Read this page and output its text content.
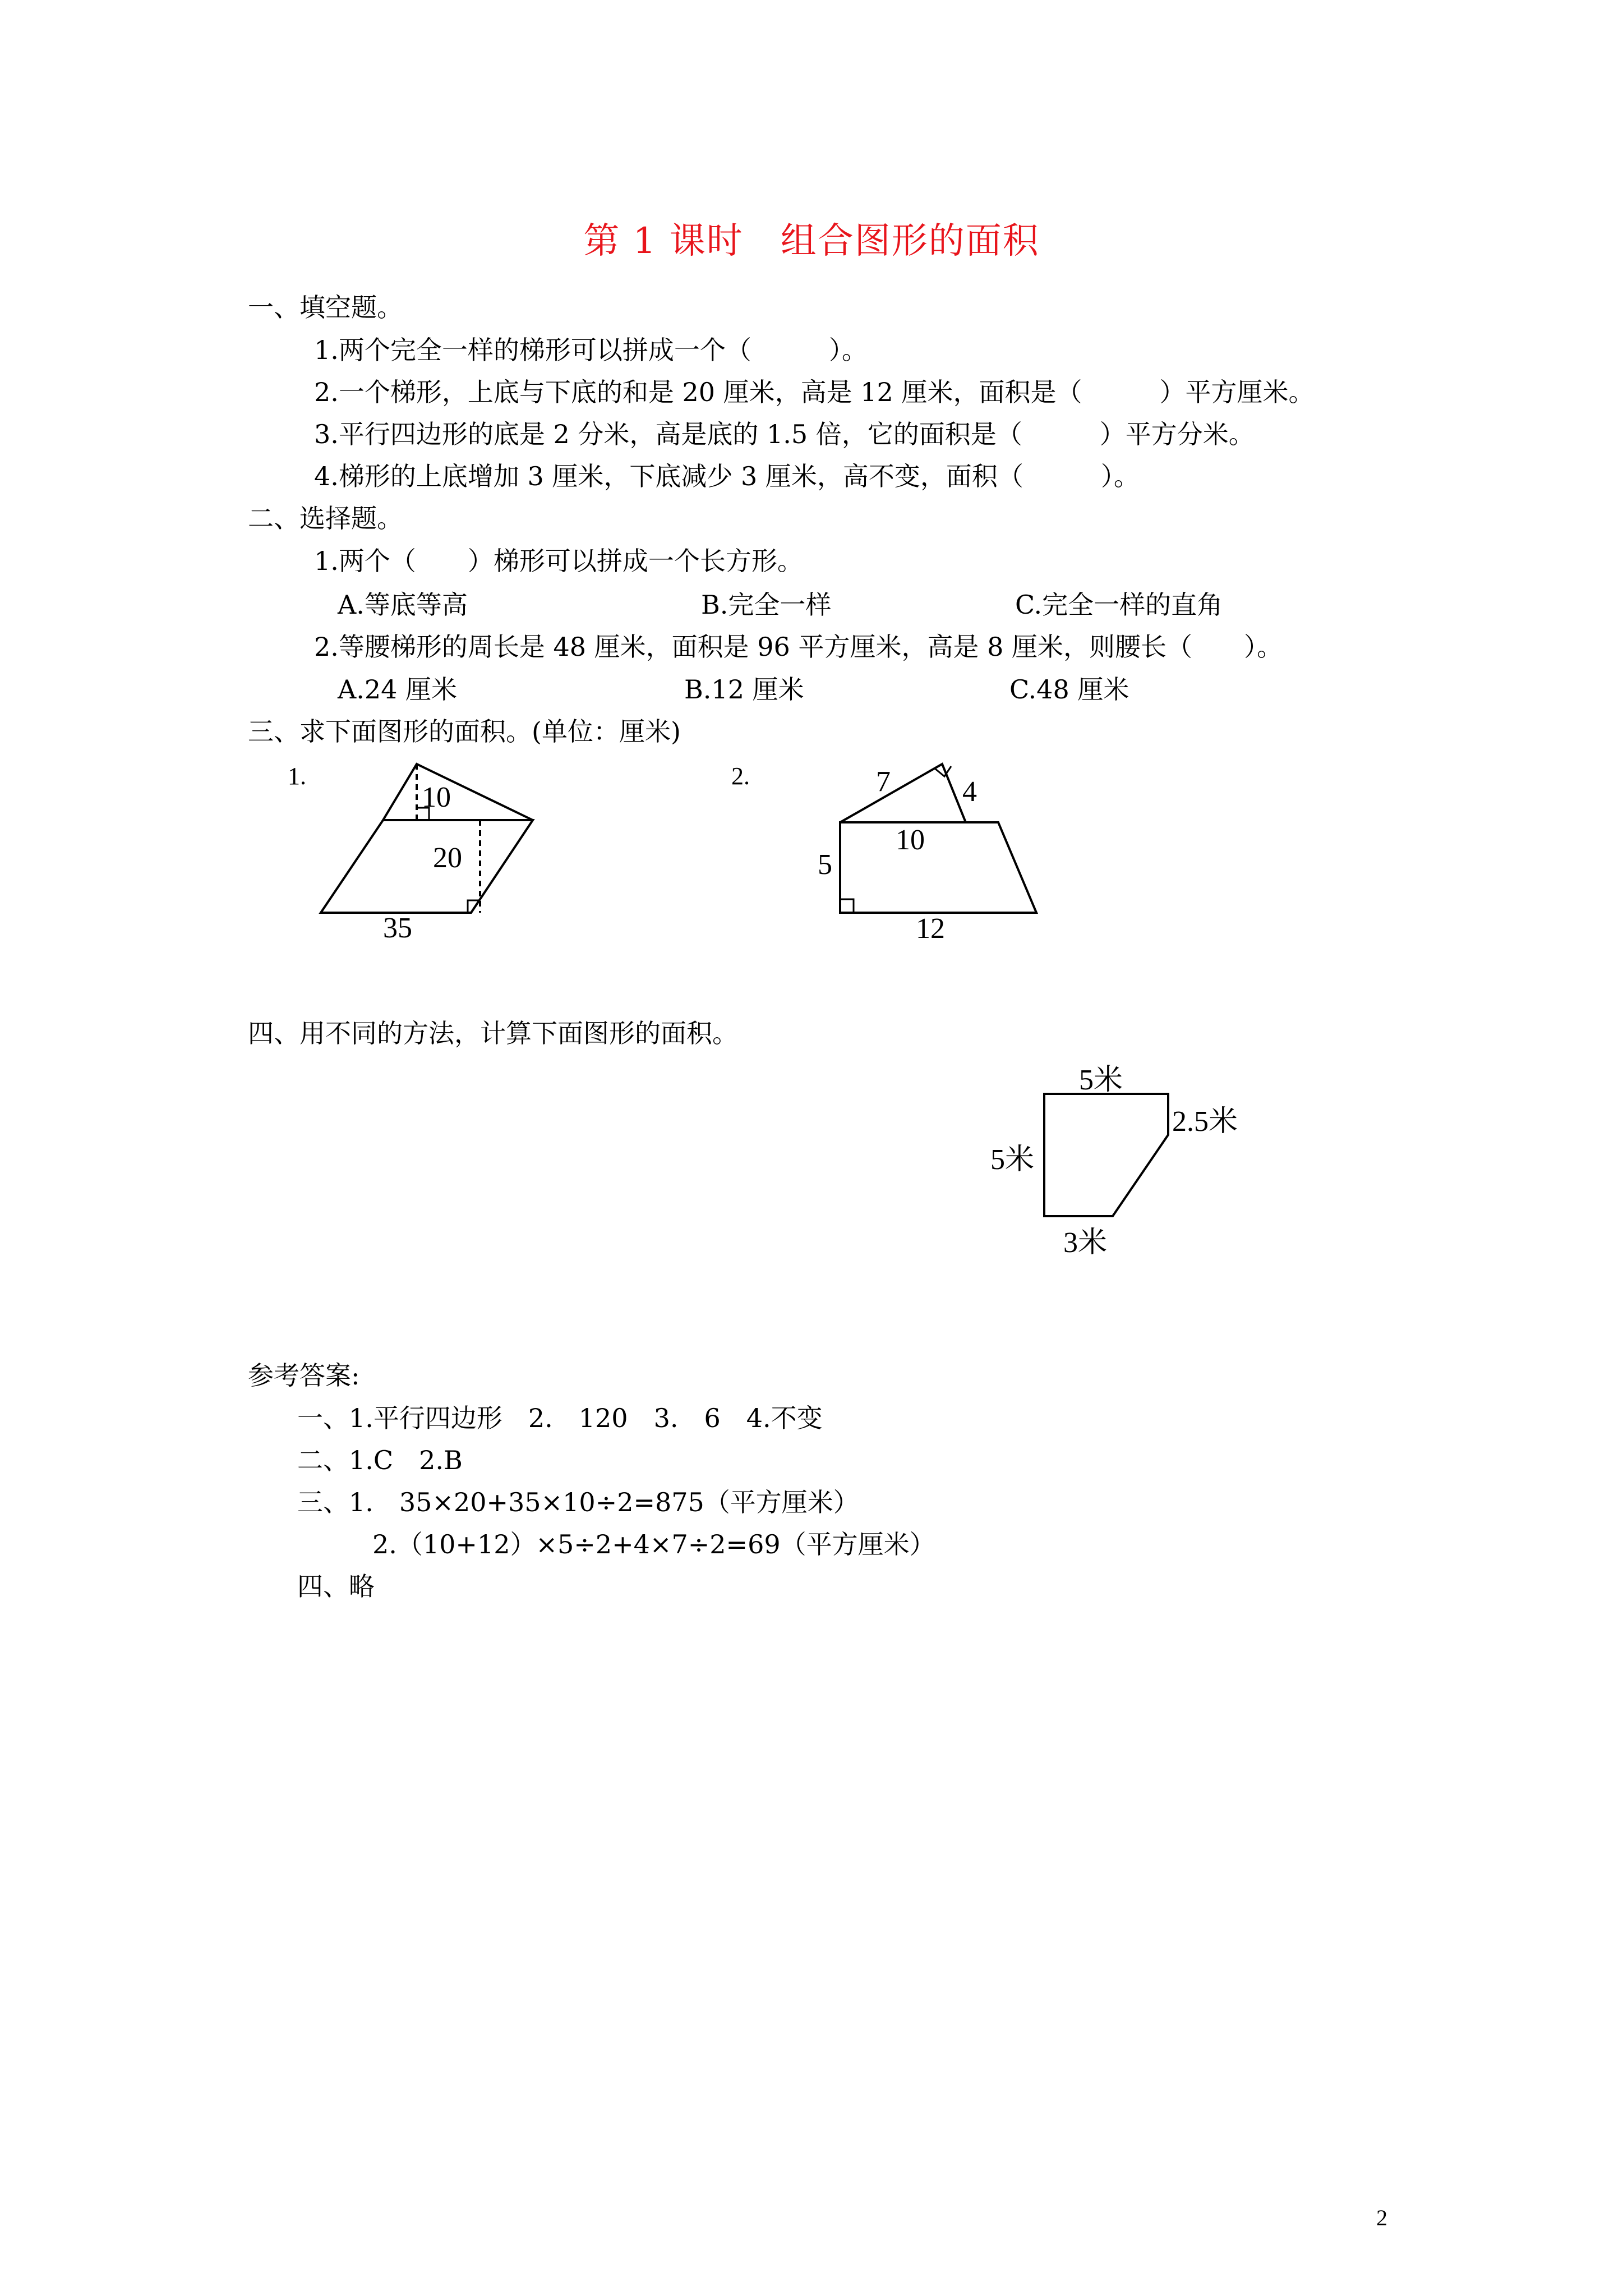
第 1 课时　组合图形的面积
一、填空题。
1.两个完全一样的梯形可以拼成一个（　　　）。
2.一个梯形，上底与下底的和是 20 厘米，高是 12 厘米，面积是（　　　）平方厘米。
3.平行四边形的底是 2 分米，高是底的 1.5 倍，它的面积是（　　　）平方分米。
4.梯形的上底增加 3 厘米，下底减少 3 厘米，高不变，面积（　　　）。
二、选择题。
1.两个（　　）梯形可以拼成一个长方形。
A.等底等高	B.完全一样	C.完全一样的直角
2.等腰梯形的周长是 48 厘米，面积是 96 平方厘米，高是 8 厘米，则腰长（　　）。
A.24 厘米	B.12 厘米	C.48 厘米
三、求下面图形的面积。(单位：厘米)
1.
10
20
35
2.	7 4
10
5
12
四、用不同的方法，计算下面图形的面积。
5米
2.5米
5米
3米
参考答案:
一、1.平行四边形　2.　120　3.　6　4.不变
二、1.C　2.B
三、1.　35×20+35×10÷2=875（平方厘米）
2.（10+12）×5÷2+4×7÷2=69（平方厘米）
四、略
2
